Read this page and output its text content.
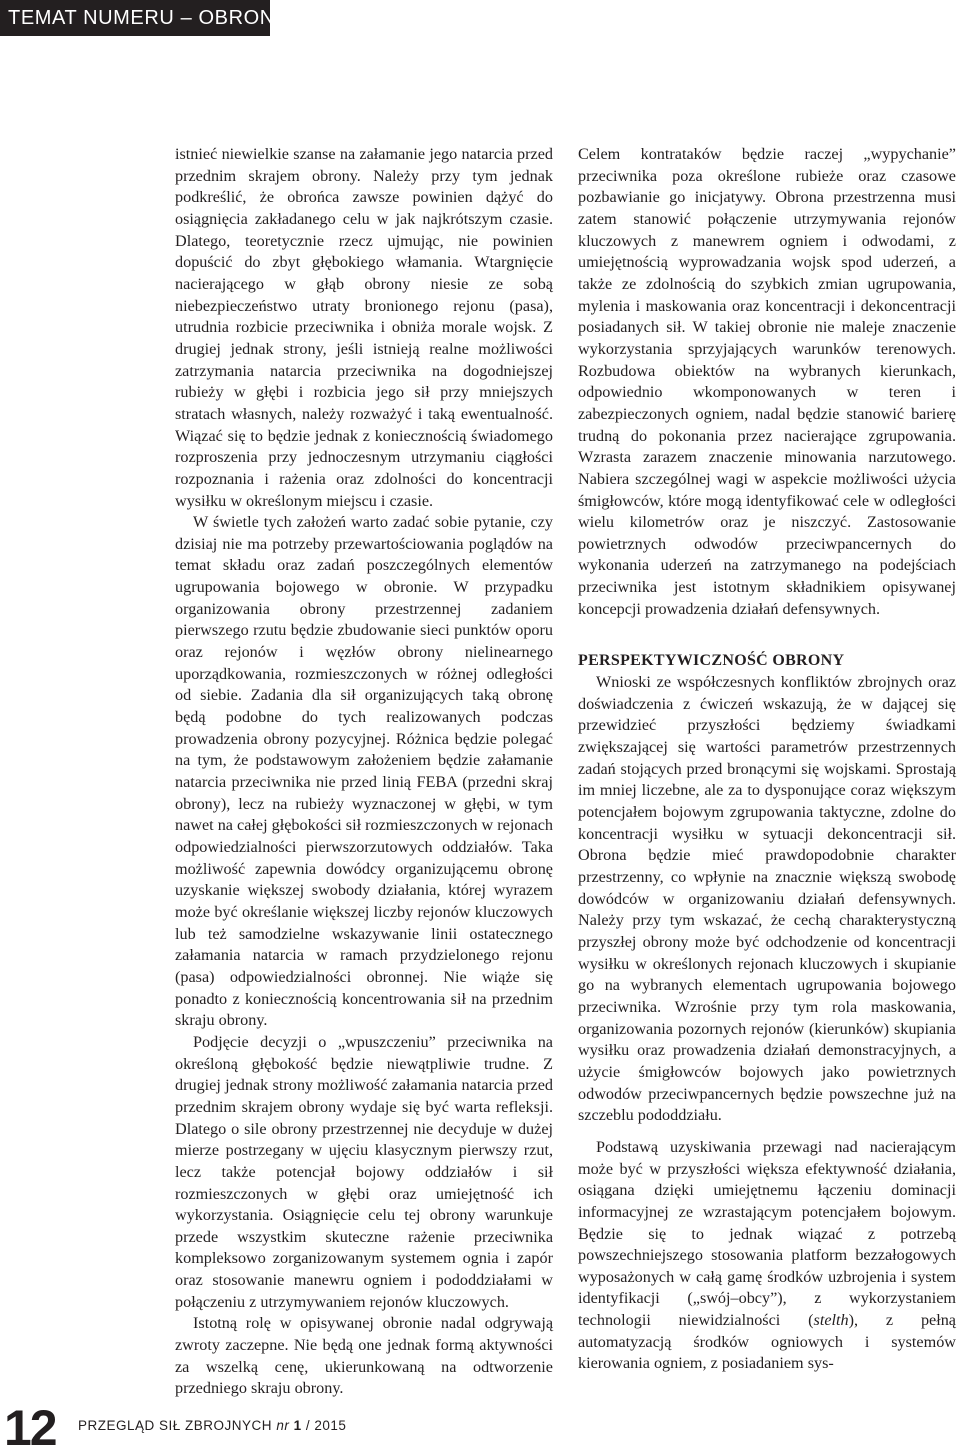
TEMAT NUMERU – OBRONA

istnieć niewielkie szanse na załamanie jego natarcia przed przednim skrajem obrony. Należy przy tym jednak podkreślić, że obrońca zawsze powinien dążyć do osiągnięcia zakładanego celu w jak najkrótszym czasie. Dlatego, teoretycznie rzecz ujmując, nie powinien dopuścić do zbyt głębokiego włamania. Wtargnięcie nacierającego w głąb obrony niesie ze sobą niebezpieczeństwo utraty bronionego rejonu (pasa), utrudnia rozbicie przeciwnika i obniża morale wojsk. Z drugiej jednak strony, jeśli istnieją realne możliwości zatrzymania natarcia przeciwnika na dogodniejszej rubieży w głębi i rozbicia jego sił przy mniejszych stratach własnych, należy rozważyć i taką ewentualność. Wiązać się to będzie jednak z koniecznością świadomego rozproszenia przy jednoczesnym utrzymaniu ciągłości rozpoznania i rażenia oraz zdolności do koncentracji wysiłku w określonym miejscu i czasie.

W świetle tych założeń warto zadać sobie pytanie, czy dzisiaj nie ma potrzeby przewartościowania poglądów na temat składu oraz zadań poszczególnych elementów ugrupowania bojowego w obronie. W przypadku organizowania obrony przestrzennej zadaniem pierwszego rzutu będzie zbudowanie sieci punktów oporu oraz rejonów i węzłów obrony nielinearnego uporządkowania, rozmieszczonych w różnej odległości od siebie. Zadania dla sił organizujących taką obronę będą podobne do tych realizowanych podczas prowadzenia obrony pozycyjnej. Różnica będzie polegać na tym, że podstawowym założeniem będzie załamanie natarcia przeciwnika nie przed linią FEBA (przedni skraj obrony), lecz na rubieży wyznaczonej w głębi, w tym nawet na całej głębokości sił rozmieszczonych w rejonach odpowiedzialności pierwszorzutowych oddziałów. Taka możliwość zapewnia dowódcy organizującemu obronę uzyskanie większej swobody działania, której wyrazem może być określanie większej liczby rejonów kluczowych lub też samodzielne wskazywanie linii ostatecznego załamania natarcia w ramach przydzielonego rejonu (pasa) odpowiedzialności obronnej. Nie wiąże się ponadto z koniecznością koncentrowania sił na przednim skraju obrony.

Podjęcie decyzji o „wpuszczeniu” przeciwnika na określoną głębokość będzie niewątpliwie trudne. Z drugiej jednak strony możliwość załamania natarcia przed przednim skrajem obrony wydaje się być warta refleksji. Dlatego o sile obrony przestrzennej nie decyduje w dużej mierze postrzegany w ujęciu klasycznym pierwszy rzut, lecz także potencjał bojowy oddziałów i sił rozmieszczonych w głębi oraz umiejętność ich wykorzystania. Osiągnięcie celu tej obrony warunkuje przede wszystkim skuteczne rażenie przeciwnika kompleksowo zorganizowanym systemem ognia i zapór oraz stosowanie manewru ogniem i pododdziałami w połączeniu z utrzymywaniem rejonów kluczowych.

Istotną rolę w opisywanej obronie nadal odgrywają zwroty zaczepne. Nie będą one jednak formą aktywności za wszelką cenę, ukierunkowaną na odtworzenie przedniego skraju obrony.

Celem kontrataków będzie raczej „wypychanie” przeciwnika poza określone rubieże oraz czasowe pozbawianie go inicjatywy. Obrona przestrzenna musi zatem stanowić połączenie utrzymywania rejonów kluczowych z manewrem ogniem i odwodami, z umiejętnością wyprowadzania wojsk spod uderzeń, a także ze zdolnością do szybkich zmian ugrupowania, mylenia i maskowania oraz koncentracji i dekoncentracji posiadanych sił. W takiej obronie nie maleje znaczenie wykorzystania sprzyjających warunków terenowych. Rozbudowa obiektów na wybranych kierunkach, odpowiednio wkomponowanych w teren i zabezpieczonych ogniem, nadal będzie stanowić barierę trudną do pokonania przez nacierające zgrupowania. Wzrasta zarazem znaczenie minowania narzutowego. Nabiera szczególnej wagi w aspekcie możliwości użycia śmigłowców, które mogą identyfikować cele w odległości wielu kilometrów oraz je niszczyć. Zastosowanie powietrznych odwodów przeciwpancernych do wykonania uderzeń na zatrzymanego na podejściach przeciwnika jest istotnym składnikiem opisywanej koncepcji prowadzenia działań defensywnych.

PERSPEKTYWICZNOŚĆ OBRONY

Wnioski ze współczesnych konfliktów zbrojnych oraz doświadczenia z ćwiczeń wskazują, że w dającej się przewidzieć przyszłości będziemy świadkami zwiększającej się wartości parametrów przestrzennych zadań stojących przed bronącymi się wojskami. Sprostają im mniej liczebne, ale za to dysponujące coraz większym potencjałem bojowym zgrupowania taktyczne, zdolne do koncentracji wysiłku w sytuacji dekoncentracji sił. Obrona będzie mieć prawdopodobnie charakter przestrzenny, co wpłynie na znacznie większą swobodę dowódców w organizowaniu działań defensywnych. Należy przy tym wskazać, że cechą charakterystyczną przyszłej obrony może być odchodzenie od koncentracji wysiłku w określonych rejonach kluczowych i skupianie go na wybranych elementach ugrupowania bojowego przeciwnika. Wzrośnie przy tym rola maskowania, organizowania pozornych rejonów (kierunków) skupiania wysiłku oraz prowadzenia działań demonstracyjnych, a użycie śmigłowców bojowych jako powietrznych odwodów przeciwpancernych będzie powszechne już na szczeblu pododdziału.

Podstawą uzyskiwania przewagi nad nacierającym może być w przyszłości większa efektywność działania, osiągana dzięki umiejętnemu łączeniu dominacji informacyjnej ze wzrastającym potencjałem bojowym. Będzie się to jednak wiązać z potrzebą powszechniejszego stosowania platform bezzałogowych wyposażonych w całą gamę środków uzbrojenia i system identyfikacji („swój–obcy”), z wykorzystaniem technologii niewidzialności (stelth), z pełną automatyzacją środków ogniowych i systemów kierowania ogniem, z posiadaniem sys-

12 PRZEGLĄD SIŁ ZBROJNYCH nr 1 / 2015
